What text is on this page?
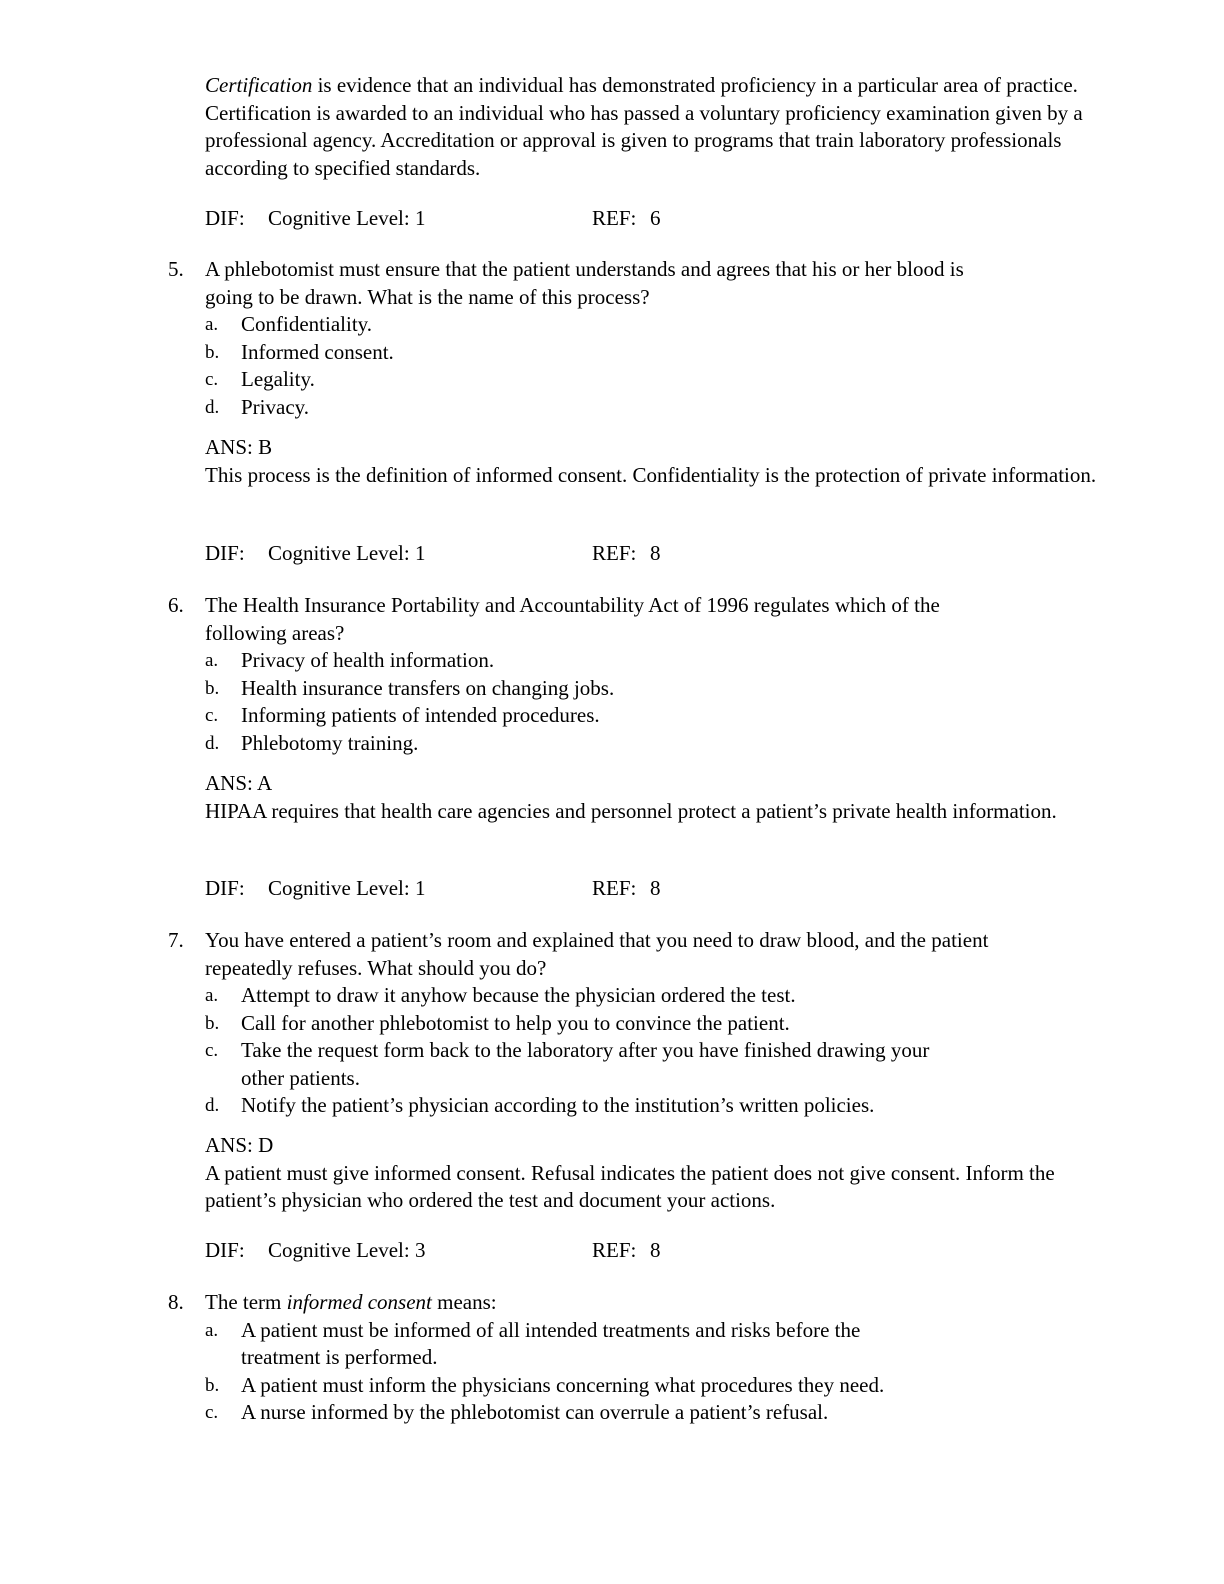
Certification is evidence that an individual has demonstrated proficiency in a particular area of practice. Certification is awarded to an individual who has passed a voluntary proficiency examination given by a professional agency. Accreditation or approval is given to programs that train laboratory professionals according to specified standards.

DIF: Cognitive Level: 1	REF: 6
5.	A phlebotomist must ensure that the patient understands and agrees that his or her blood is
going to be drawn. What is the name of this process?
a. Confidentiality.
b. Informed consent.
c. Legality.
d. Privacy.
ANS: B

This process is the definition of informed consent. Confidentiality is the protection of private information.

DIF: Cognitive Level: 1	REF: 8
6.	The Health Insurance Portability and Accountability Act of 1996 regulates which of the
following areas?
a. Privacy of health information.
b. Health insurance transfers on changing jobs.
c. Informing patients of intended procedures.
d. Phlebotomy training.
ANS: A

HIPAA requires that health care agencies and personnel protect a patient’s private health information.

DIF: Cognitive Level: 1	REF: 8
7.	You have entered a patient’s room and explained that you need to draw blood, and the patient
repeatedly refuses. What should you do?
a. Attempt to draw it anyhow because the physician ordered the test.
b. Call for another phlebotomist to help you to convince the patient.
c. Take the request form back to the laboratory after you have finished drawing your
other patients.
d. Notify the patient’s physician according to the institution’s written policies.
ANS: D

A patient must give informed consent. Refusal indicates the patient does not give consent. Inform the patient’s physician who ordered the test and document your actions.

DIF: Cognitive Level: 3	REF: 8
8.	The term informed consent means:
a. A patient must be informed of all intended treatments and risks before the
treatment is performed.
b. A patient must inform the physicians concerning what procedures they need.
c. A nurse informed by the phlebotomist can overrule a patient’s refusal.
